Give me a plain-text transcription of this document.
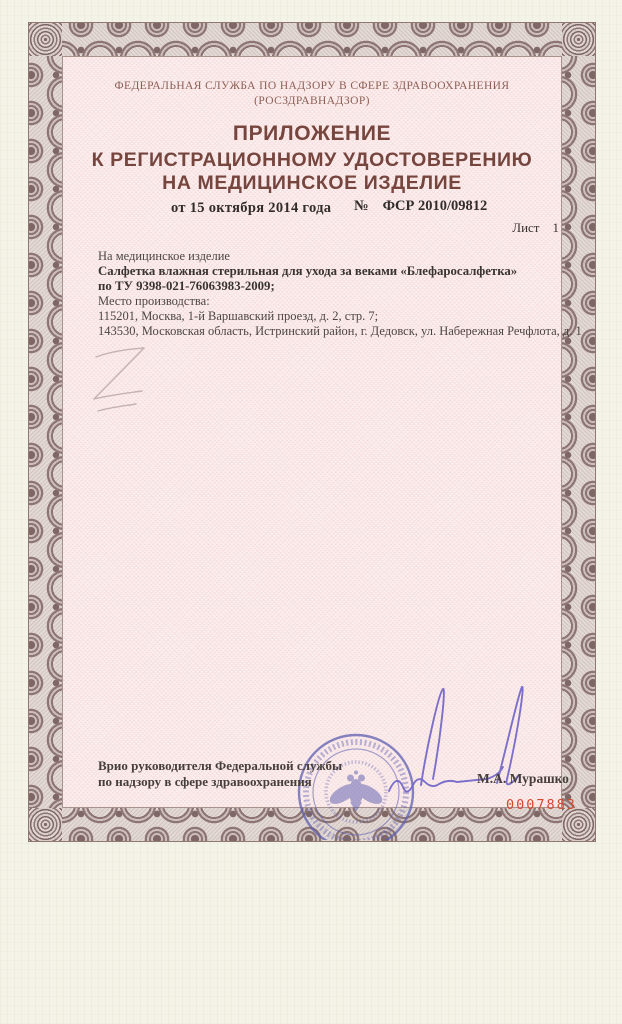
ФЕДЕРАЛЬНАЯ СЛУЖБА ПО НАДЗОРУ В СФЕРЕ ЗДРАВООХРАНЕНИЯ
(РОСЗДРАВНАДЗОР)
ПРИЛОЖЕНИЕ
К РЕГИСТРАЦИОННОМУ УДОСТОВЕРЕНИЮ
НА МЕДИЦИНСКОЕ ИЗДЕЛИЕ
от 15 октября 2014 года № ФСР 2010/09812
Лист 1
На медицинское изделие
Салфетка влажная стерильная для ухода за веками «Блефаросалфетка»
по ТУ 9398-021-76063983-2009;
Место производства:
115201, Москва, 1-й Варшавский проезд, д. 2, стр. 7;
143530, Московская область, Истринский район, г. Дедовск, ул. Набережная Речфлота, д. 1
Врио руководителя Федеральной службы
по надзору в сфере здравоохранения	М.А. Мурашко
0007883
